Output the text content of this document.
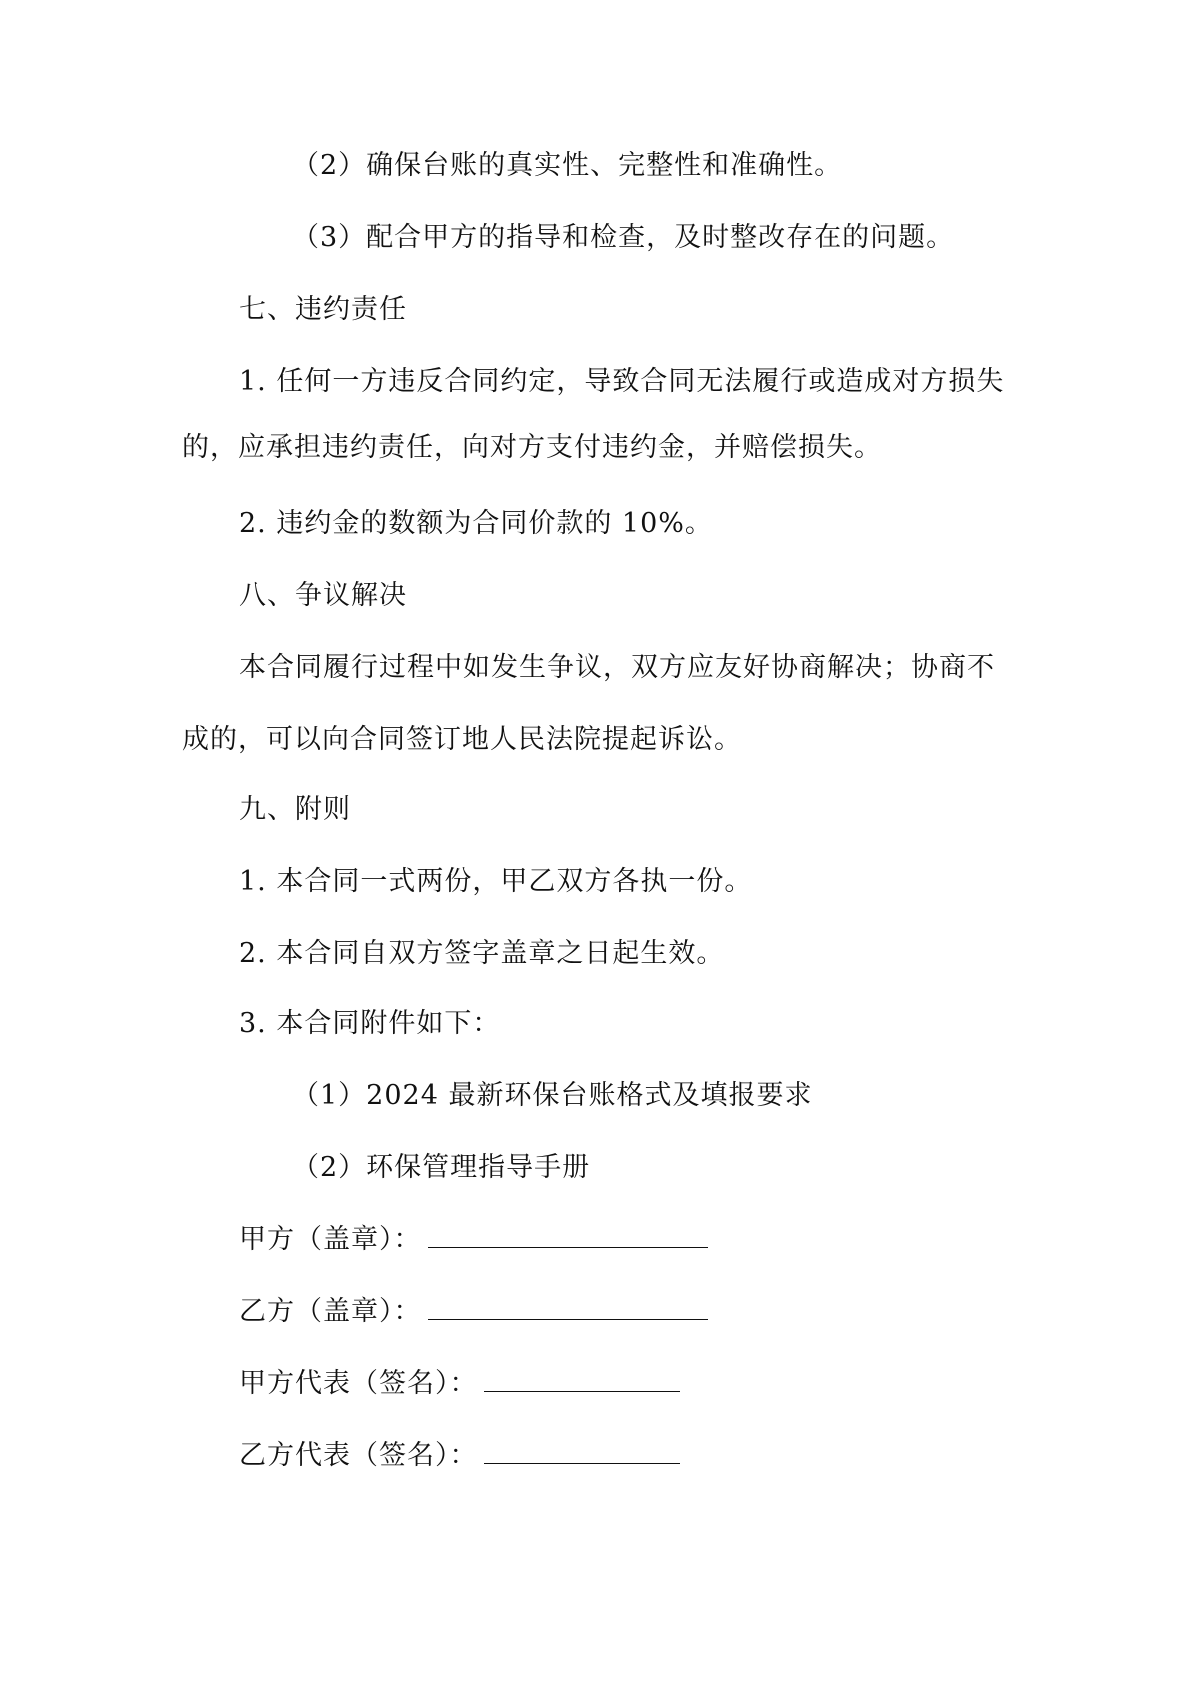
（2）确保台账的真实性、完整性和准确性。
（3）配合甲方的指导和检查，及时整改存在的问题。
七、违约责任
1. 任何一方违反合同约定，导致合同无法履行或造成对方损失
的，应承担违约责任，向对方支付违约金，并赔偿损失。
2. 违约金的数额为合同价款的 10%。
八、争议解决
本合同履行过程中如发生争议，双方应友好协商解决；协商不
成的，可以向合同签订地人民法院提起诉讼。
九、附则
1. 本合同一式两份，甲乙双方各执一份。
2. 本合同自双方签字盖章之日起生效。
3. 本合同附件如下：
（1）2024 最新环保台账格式及填报要求
（2）环保管理指导手册
甲方（盖章）：
乙方（盖章）：
甲方代表（签名）：
乙方代表（签名）：
